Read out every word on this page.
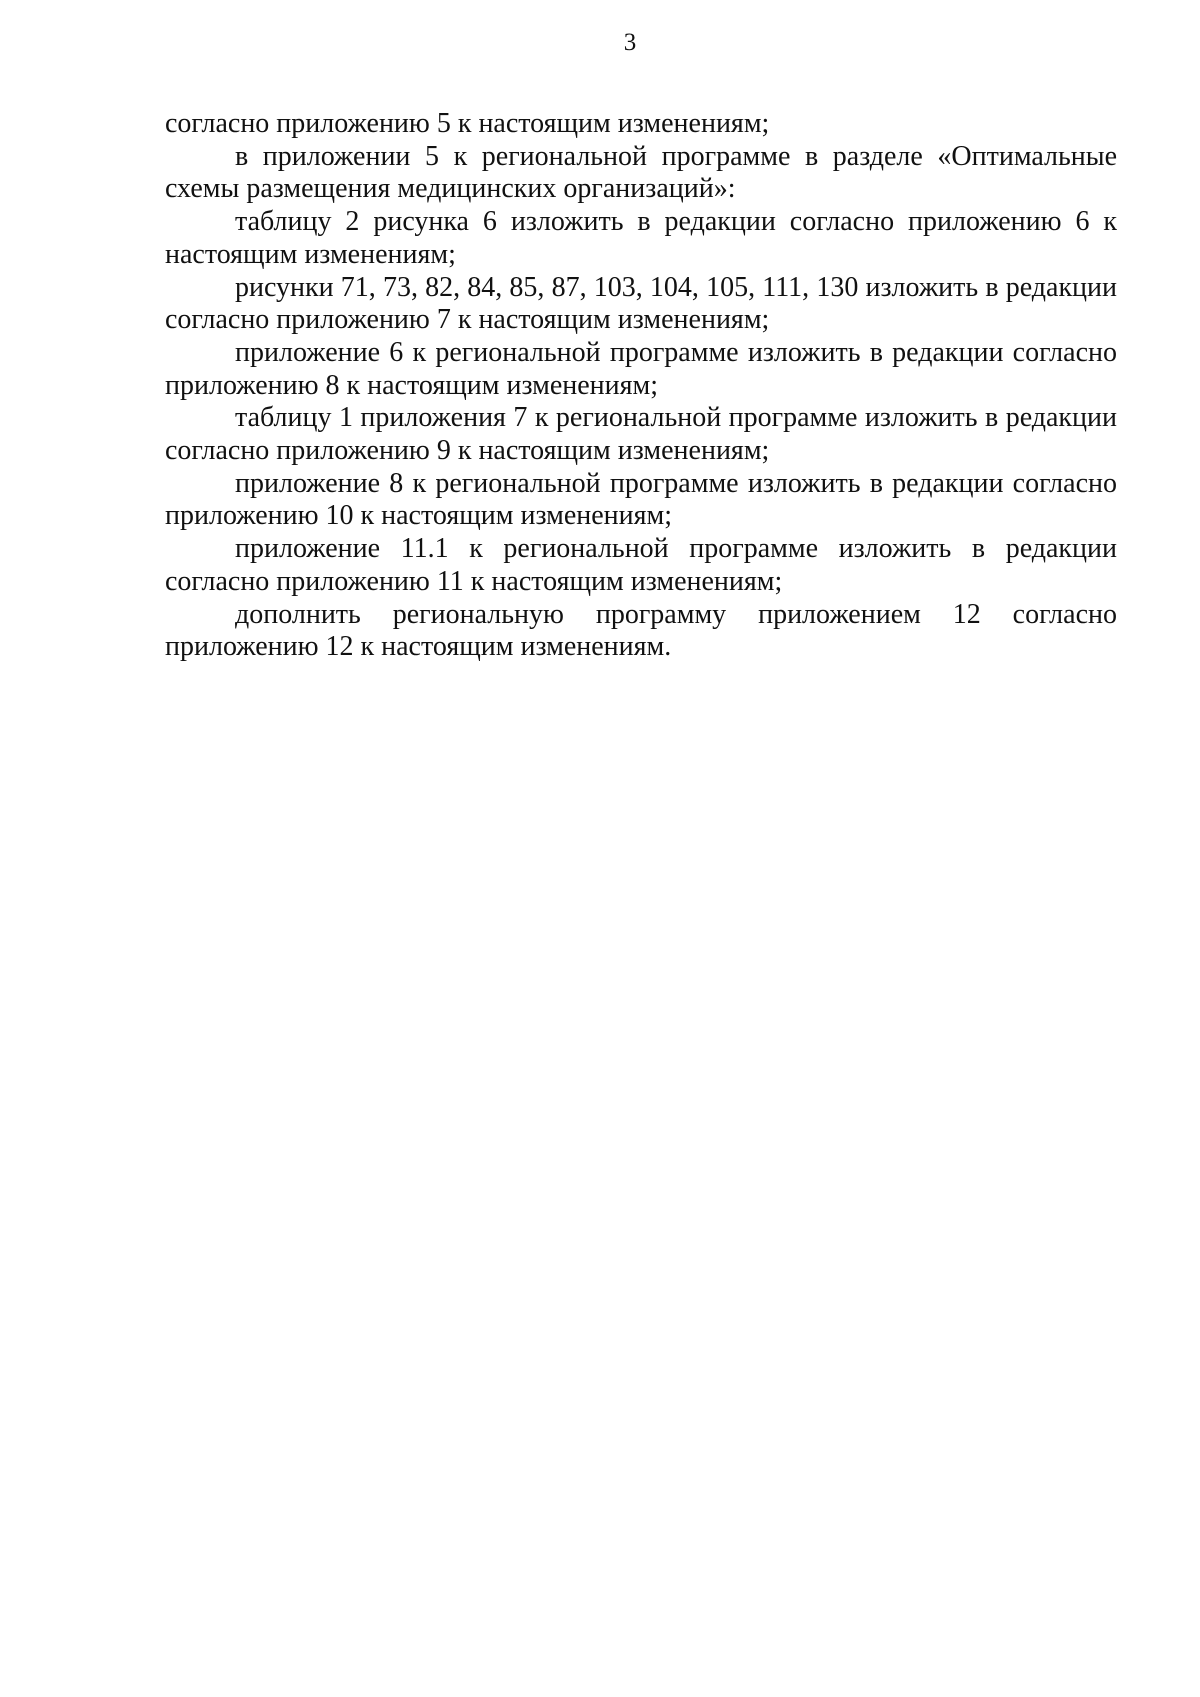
3

согласно приложению 5 к настоящим изменениям;

в приложении 5 к региональной программе в разделе «Оптимальные схемы размещения медицинских организаций»:

таблицу 2 рисунка 6 изложить в редакции согласно приложению 6 к настоящим изменениям;

рисунки 71, 73, 82, 84, 85, 87, 103, 104, 105, 111, 130 изложить в редакции согласно приложению 7 к настоящим изменениям;

приложение 6 к региональной программе изложить в редакции согласно приложению 8 к настоящим изменениям;

таблицу 1 приложения 7 к региональной программе изложить в редакции согласно приложению 9 к настоящим изменениям;

приложение 8 к региональной программе изложить в редакции согласно приложению 10 к настоящим изменениям;

приложение 11.1 к региональной программе изложить в редакции согласно приложению 11 к настоящим изменениям;

дополнить региональную программу приложением 12 согласно приложению 12 к настоящим изменениям.
